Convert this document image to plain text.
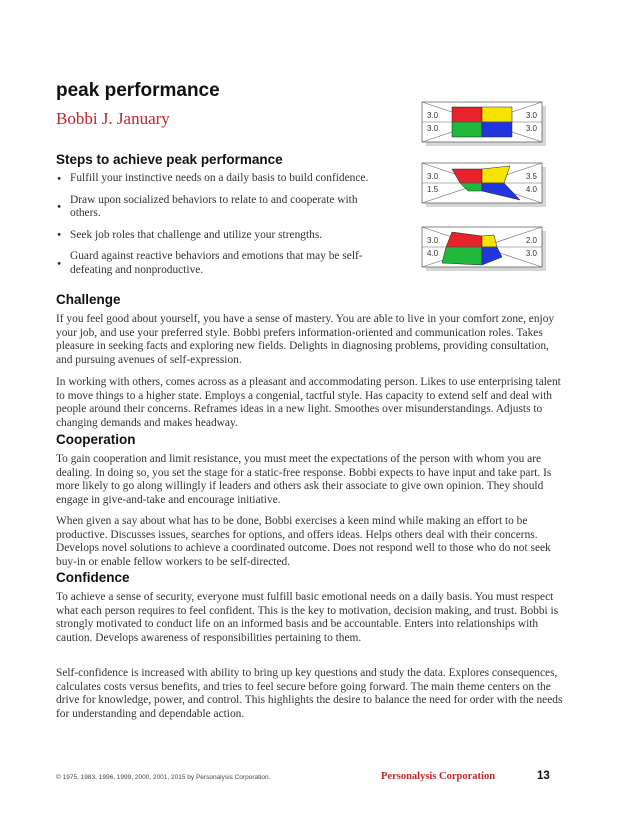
peak performance
Bobbi J. January
Steps to achieve peak performance
• Fulfill your instinctive needs on a daily basis to build confidence.
• Draw upon socialized behaviors to relate to and cooperate with others.
• Seek job roles that challenge and utilize your strengths.
• Guard against reactive behaviors and emotions that may be self-defeating and nonproductive.
3.0	3.0
3.0	3.0
3.0	3.5
1.5	4.0
3.0	2.0
4.0	3.0
Challenge

If you feel good about yourself, you have a sense of mastery. You are able to live in your comfort zone, enjoy your job, and use your preferred style. Bobbi prefers information-oriented and communication roles. Takes pleasure in seeking facts and exploring new fields. Delights in diagnosing problems, providing consultation, and pursuing avenues of self-expression.

In working with others, comes across as a pleasant and accommodating person. Likes to use enterprising talent to move things to a higher state. Employs a congenial, tactful style. Has capacity to extend self and deal with people around their concerns. Reframes ideas in a new light. Smoothes over misunderstandings. Adjusts to changing demands and makes headway.

Cooperation

To gain cooperation and limit resistance, you must meet the expectations of the person with whom you are dealing. In doing so, you set the stage for a static-free response. Bobbi expects to have input and take part. Is more likely to go along willingly if leaders and others ask their associate to give own opinion. They should engage in give-and-take and encourage initiative.

When given a say about what has to be done, Bobbi exercises a keen mind while making an effort to be productive. Discusses issues, searches for options, and offers ideas. Helps others deal with their concerns. Develops novel solutions to achieve a coordinated outcome. Does not respond well to those who do not seek buy-in or enable fellow workers to be self-directed.

Confidence

To achieve a sense of security, everyone must fulfill basic emotional needs on a daily basis. You must respect what each person requires to feel confident. This is the key to motivation, decision making, and trust. Bobbi is strongly motivated to conduct life on an informed basis and be accountable. Enters into relationships with caution. Develops awareness of responsibilities pertaining to them.

Self-confidence is increased with ability to bring up key questions and study the data. Explores consequences, calculates costs versus benefits, and tries to feel secure before going forward. The main theme centers on the drive for knowledge, power, and control. This highlights the desire to balance the need for order with the needs for understanding and dependable action.

© 1975, 1983, 1996, 1999, 2000, 2001, 2015 by Personalysis Corporation.	Personalysis Corporation	13
